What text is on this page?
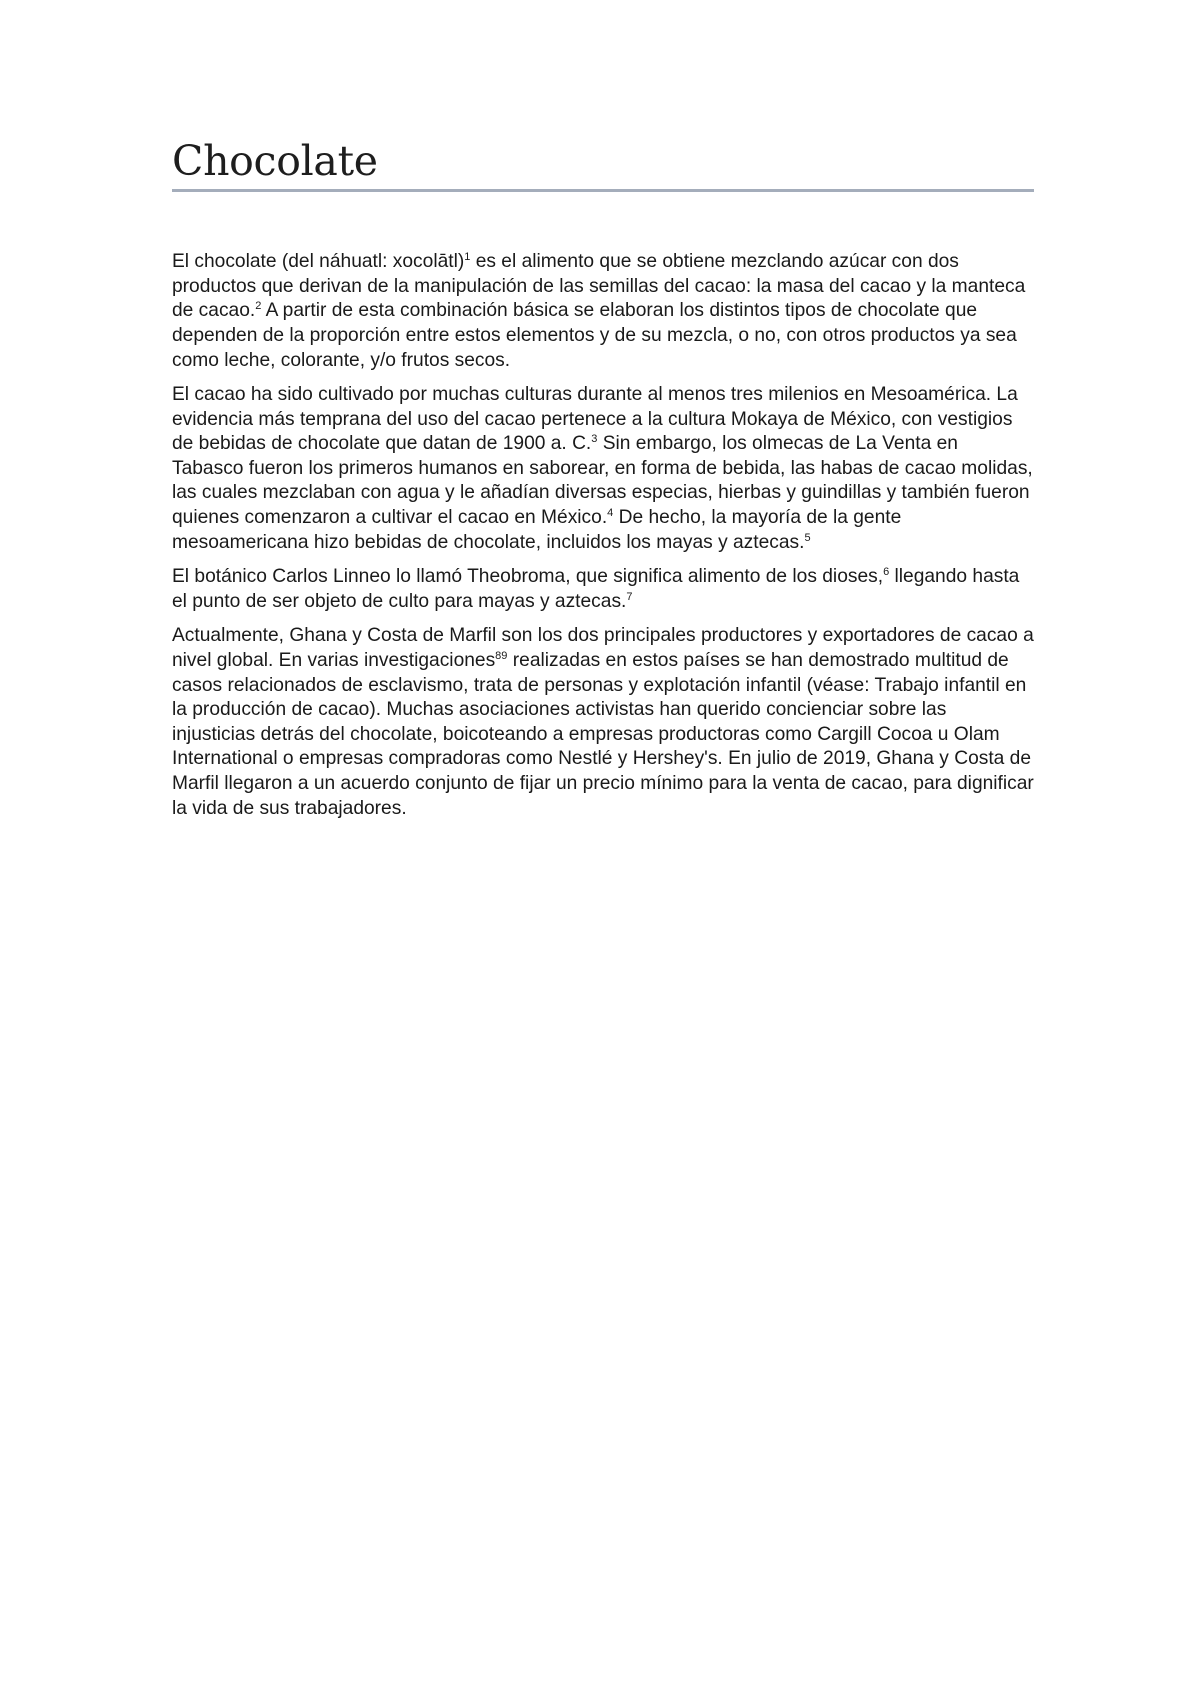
Chocolate

El chocolate (del náhuatl: xocolātl)$^1$ es el alimento que se obtiene mezclando azúcar con dos productos que derivan de la manipulación de las semillas del cacao: la masa del cacao y la manteca de cacao.$^2$ A partir de esta combinación básica se elaboran los distintos tipos de chocolate que dependen de la proporción entre estos elementos y de su mezcla, o no, con otros productos ya sea como leche, colorante, y/o frutos secos.

El cacao ha sido cultivado por muchas culturas durante al menos tres milenios en Mesoamérica. La evidencia más temprana del uso del cacao pertenece a la cultura Mokaya de México, con vestigios de bebidas de chocolate que datan de 1900 a. C.$^3$ Sin embargo, los olmecas de La Venta en Tabasco fueron los primeros humanos en saborear, en forma de bebida, las habas de cacao molidas, las cuales mezclaban con agua y le añadían diversas especias, hierbas y guindillas y también fueron quienes comenzaron a cultivar el cacao en México.$^4$ De hecho, la mayoría de la gente mesoamericana hizo bebidas de chocolate, incluidos los mayas y aztecas.$^5$

El botánico Carlos Linneo lo llamó Theobroma, que significa alimento de los dioses,$^6$ llegando hasta el punto de ser objeto de culto para mayas y aztecas.$^7$

Actualmente, Ghana y Costa de Marfil son los dos principales productores y exportadores de cacao a nivel global. En varias investigaciones$^{89}$ realizadas en estos países se han demostrado multitud de casos relacionados de esclavismo, trata de personas y explotación infantil (véase: Trabajo infantil en la producción de cacao). Muchas asociaciones activistas han querido concienciar sobre las injusticias detrás del chocolate, boicoteando a empresas productoras como Cargill Cocoa u Olam International o empresas compradoras como Nestlé y Hershey's. En julio de 2019, Ghana y Costa de Marfil llegaron a un acuerdo conjunto de fijar un precio mínimo para la venta de cacao, para dignificar la vida de sus trabajadores.
